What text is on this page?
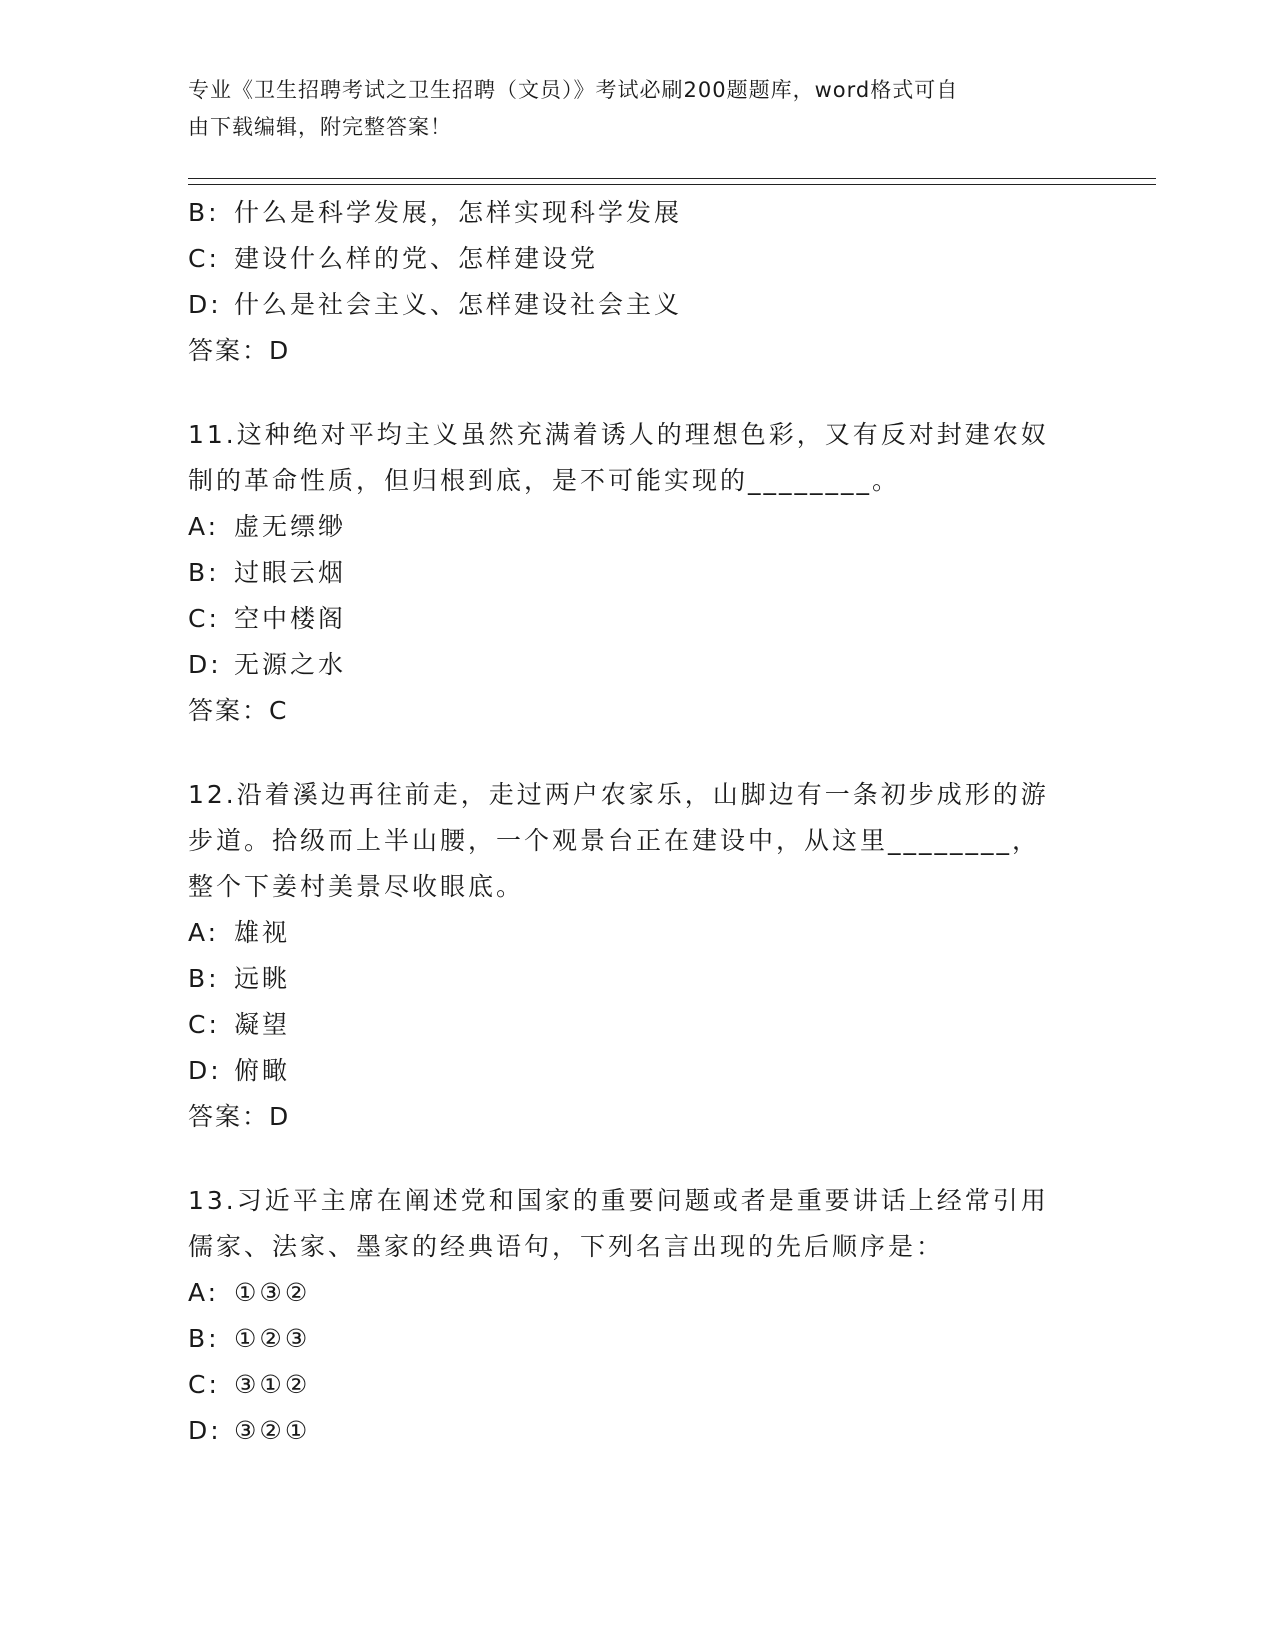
专业《卫生招聘考试之卫生招聘（文员）》考试必刷200题题库，word格式可自
由下载编辑，附完整答案！
B: 什么是科学发展，怎样实现科学发展
C: 建设什么样的党、怎样建设党
D: 什么是社会主义、怎样建设社会主义
答案：D
11.这种绝对平均主义虽然充满着诱人的理想色彩，又有反对封建农奴
制的革命性质，但归根到底，是不可能实现的________。
A: 虚无缥缈
B: 过眼云烟
C: 空中楼阁
D: 无源之水
答案：C
12.沿着溪边再往前走，走过两户农家乐，山脚边有一条初步成形的游
步道。拾级而上半山腰，一个观景台正在建设中，从这里________，
整个下姜村美景尽收眼底。
A: 雄视
B: 远眺
C: 凝望
D: 俯瞰
答案：D
13.习近平主席在阐述党和国家的重要问题或者是重要讲话上经常引用
儒家、法家、墨家的经典语句，下列名言出现的先后顺序是：
A: ①③②
B: ①②③
C: ③①②
D: ③②①
